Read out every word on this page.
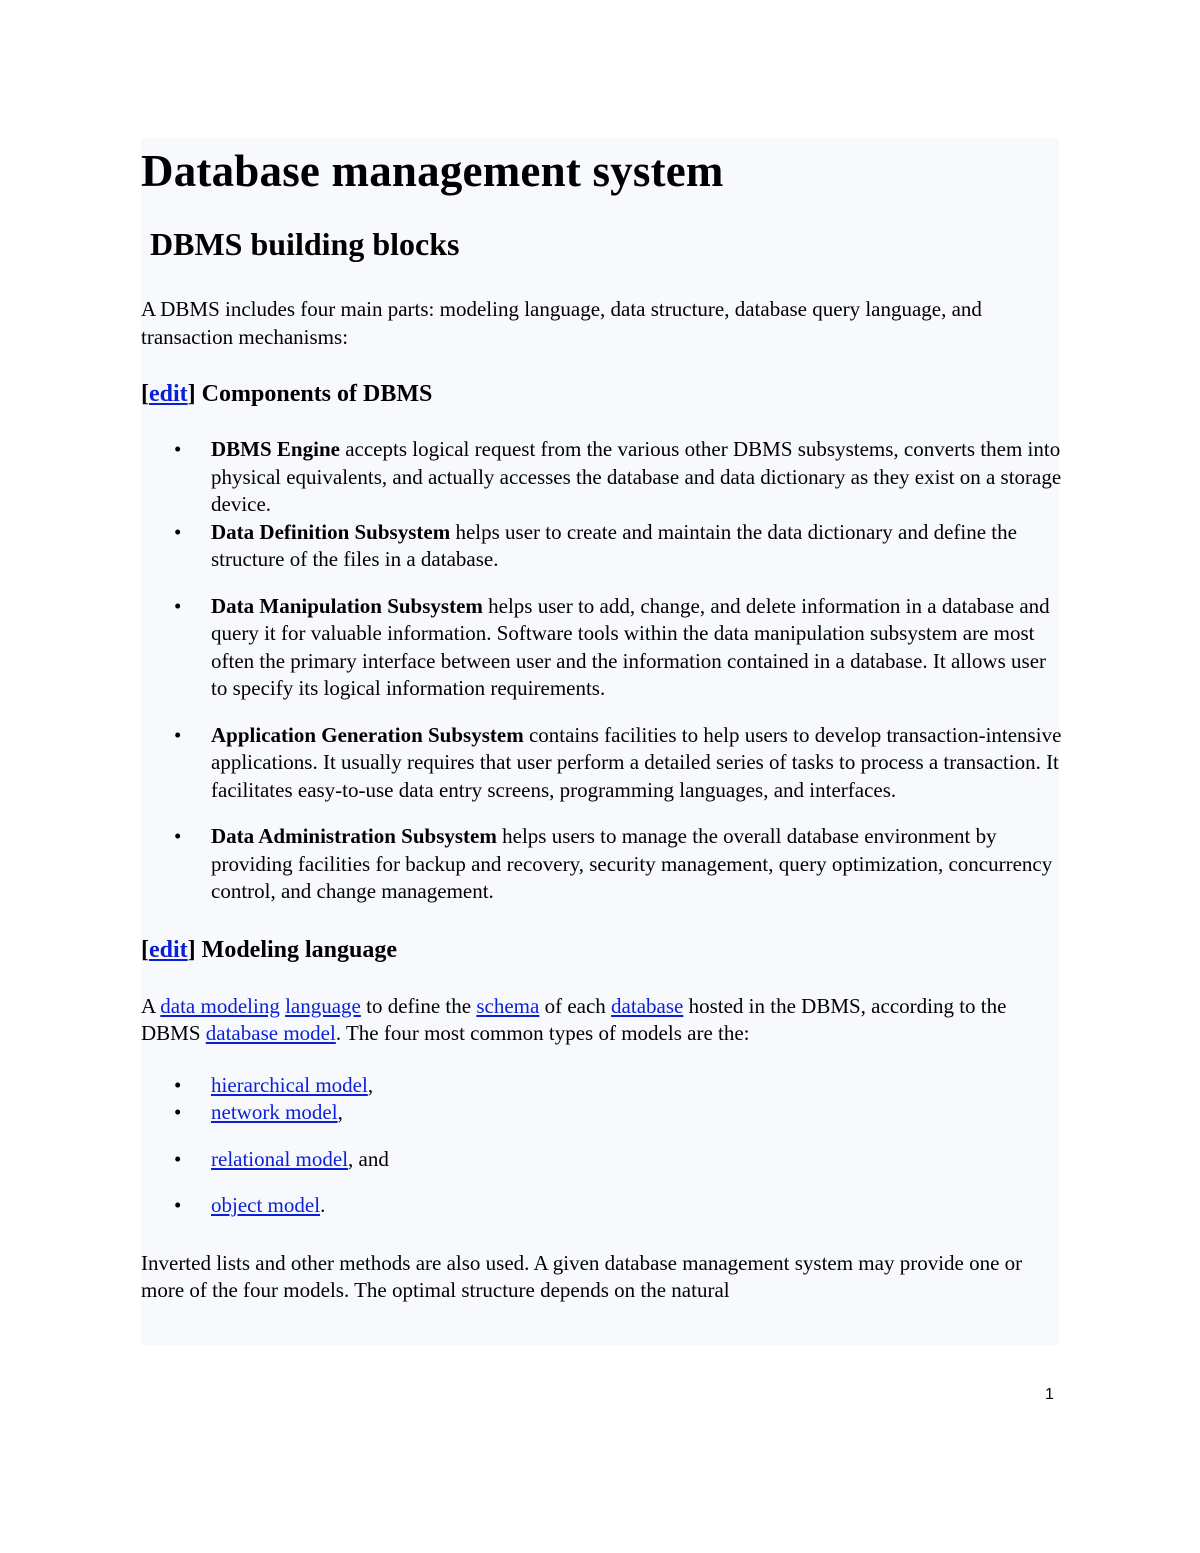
Database management system
DBMS building blocks

A DBMS includes four main parts: modeling language, data structure, database query language, and transaction mechanisms:

[edit] Components of DBMS
• DBMS Engine accepts logical request from the various other DBMS subsystems, converts them into physical equivalents, and actually accesses the database and data dictionary as they exist on a storage device.
• Data Definition Subsystem helps user to create and maintain the data dictionary and define the structure of the files in a database.
• Data Manipulation Subsystem helps user to add, change, and delete information in a database and query it for valuable information. Software tools within the data manipulation subsystem are most often the primary interface between user and the information contained in a database. It allows user to specify its logical information requirements.
• Application Generation Subsystem contains facilities to help users to develop transaction-intensive applications. It usually requires that user perform a detailed series of tasks to process a transaction. It facilitates easy-to-use data entry screens, programming languages, and interfaces.
• Data Administration Subsystem helps users to manage the overall database environment by providing facilities for backup and recovery, security management, query optimization, concurrency control, and change management.
[edit] Modeling language

A data modeling language to define the schema of each database hosted in the DBMS, according to the DBMS database model. The four most common types of models are the:

• hierarchical model,
• network model,
• relational model, and
• object model.

Inverted lists and other methods are also used. A given database management system may provide one or more of the four models. The optimal structure depends on the natural

1
